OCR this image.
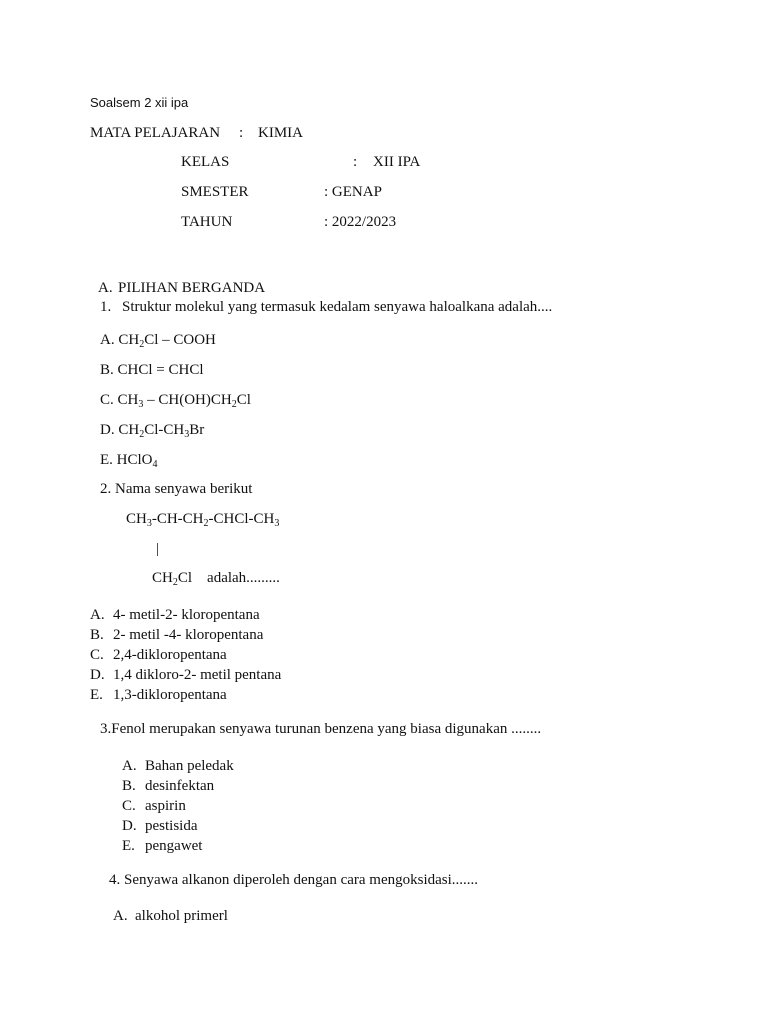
Soalsem 2 xii ipa
MATA PELAJARAN : KIMIA
KELAS	: XII IPA
SMESTER	: GENAP
TAHUN	: 2022/2023
A. PILIHAN BERGANDA
1. Struktur molekul yang termasuk kedalam senyawa haloalkana adalah....
A. $CH_2Cl$ – COOH
B. CHCl = CHCl
C. $CH_3 - CH(OH)CH_2Cl$
D. $CH_2Cl-CH_3Br$
E. HClO$_4$
2. Nama senyawa berikut
$CH_3-CH-CH_2-CHCl-CH_3$
|
$CH_2Cl$ adalah.........
A. 4- metil-2- kloropentana
B. 2- metil -4- kloropentana
C. 2,4-dikloropentana
D. 1,4 dikloro-2- metil pentana
E. 1,3-dikloropentana
3.Fenol merupakan senyawa turunan benzena yang biasa digunakan ........
A. Bahan peledak
B. desinfektan
C. aspirin
D. pestisida
E. pengawet
4. Senyawa alkanon diperoleh dengan cara mengoksidasi.......
A. alkohol primerl
